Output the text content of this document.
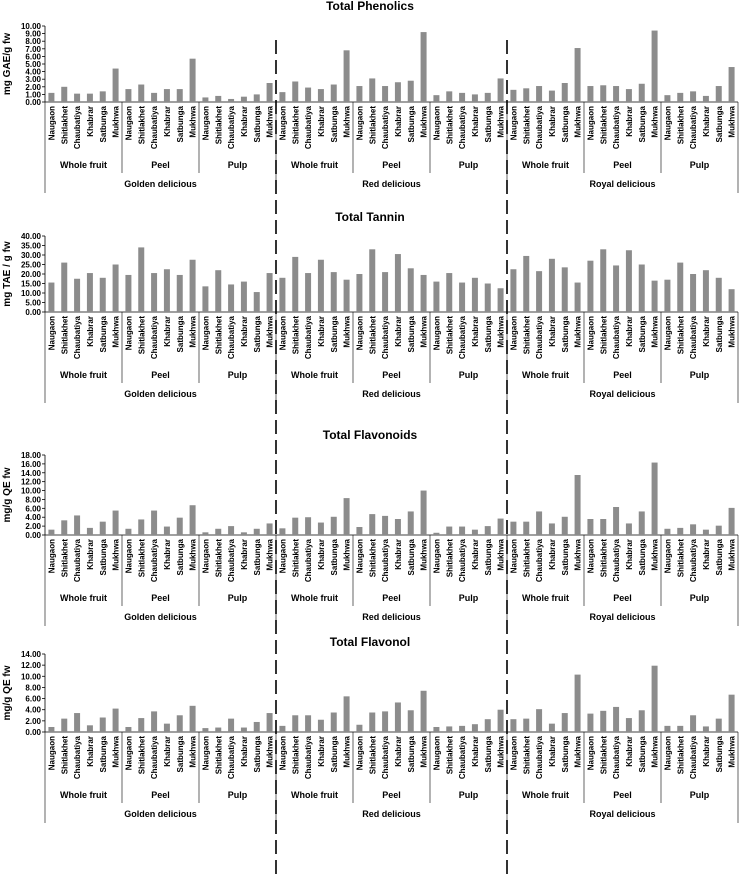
Total Phenolics
mg GAE/g fw
0.00
1.00
2.00
3.00
4.00
5.00
6.00
7.00
8.00
9.00
10.00
Naugaon Shitlakhet Chaubatiya Khabrar Satbunga Mukhwa Naugaon Shitlakhet Chaubatiya Khabrar Satbunga Mukhwa Naugaon Shitlakhet Chaubatiya Khabrar Satbunga Mukhwa Naugaon Shitlakhet Chaubatiya Khabrar Satbunga Mukhwa Naugaon Shitlakhet Chaubatiya Khabrar Satbunga Mukhwa Naugaon Shitlakhet Chaubatiya Khabrar Satbunga Mukhwa Naugaon Shitlakhet Chaubatiya Khabrar Satbunga Mukhwa Naugaon Shitlakhet Chaubatiya Khabrar Satbunga Mukhwa Naugaon Shitlakhet Chaubatiya Khabrar Satbunga Mukhwa
Whole fruit	Peel	Pulp	Whole fruit	Peel	Pulp	Whole fruit	Peel	Pulp
Golden delicious	Red delicious	Royal delicious
Total Tannin
mg TAE / g fw
0.00
5.00
10.00
15.00
20.00
25.00
30.00
35.00
40.00
Naugaon Shitlakhet Chaubatiya Khabrar Satbunga Mukhwa Naugaon Shitlakhet Chaubatiya Khabrar Satbunga Mukhwa Naugaon Shitlakhet Chaubatiya Khabrar Satbunga Mukhwa Naugaon Shitlakhet Chaubatiya Khabrar Satbunga Mukhwa Naugaon Shitlakhet Chaubatiya Khabrar Satbunga Mukhwa Naugaon Shitlakhet Chaubatiya Khabrar Satbunga Mukhwa Naugaon Shitlakhet Chaubatiya Khabrar Satbunga Mukhwa Naugaon Shitlakhet Chaubatiya Khabrar Satbunga Mukhwa Naugaon Shitlakhet Chaubatiya Khabrar Satbunga Mukhwa
Whole fruit	Peel	Pulp	Whole fruit	Peel	Pulp	Whole fruit	Peel	Pulp
Golden delicious	Red delicious	Royal delicious
Total Flavonoids
mg/g QE fw
0.00
2.00
4.00
6.00
8.00
10.00
12.00
14.00
16.00
18.00
Naugaon Shitlakhet Chaubatiya Khabrar Satbunga Mukhwa Naugaon Shitlakhet Chaubatiya Khabrar Satbunga Mukhwa Naugaon Shitlakhet Chaubatiya Khabrar Satbunga Mukhwa Naugaon Shitlakhet Chaubatiya Khabrar Satbunga Mukhwa Naugaon Shitlakhet Chaubatiya Khabrar Satbunga Mukhwa Naugaon Shitlakhet Chaubatiya Khabrar Satbunga Mukhwa Naugaon Shitlakhet Chaubatiya Khabrar Satbunga Mukhwa Naugaon Shitlakhet Chaubatiya Khabrar Satbunga Mukhwa Naugaon Shitlakhet Chaubatiya Khabrar Satbunga Mukhwa
Whole fruit	Peel	Pulp	Whole fruit	Peel	Pulp	Whole fruit	Peel	Pulp
Golden delicious	Red delicious	Royal delicious
Total Flavonol
mg/g QE fw
0.00
2.00
4.00
6.00
8.00
10.00
12.00
14.00
Naugaon Shitlakhet Chaubatiya Khabrar Satbunga Mukhwa Naugaon Shitlakhet Chaubatiya Khabrar Satbunga Mukhwa Naugaon Shitlakhet Chaubatiya Khabrar Satbunga Mukhwa Naugaon Shitlakhet Chaubatiya Khabrar Satbunga Mukhwa Naugaon Shitlakhet Chaubatiya Khabrar Satbunga Mukhwa Naugaon Shitlakhet Chaubatiya Khabrar Satbunga Mukhwa Naugaon Shitlakhet Chaubatiya Khabrar Satbunga Mukhwa Naugaon Shitlakhet Chaubatiya Khabrar Satbunga Mukhwa Naugaon Shitlakhet Chaubatiya Khabrar Satbunga Mukhwa
Whole fruit	Peel	Pulp	Whole fruit	Peel	Pulp	Whole fruit	Peel	Pulp
Golden delicious	Red delicious	Royal delicious
